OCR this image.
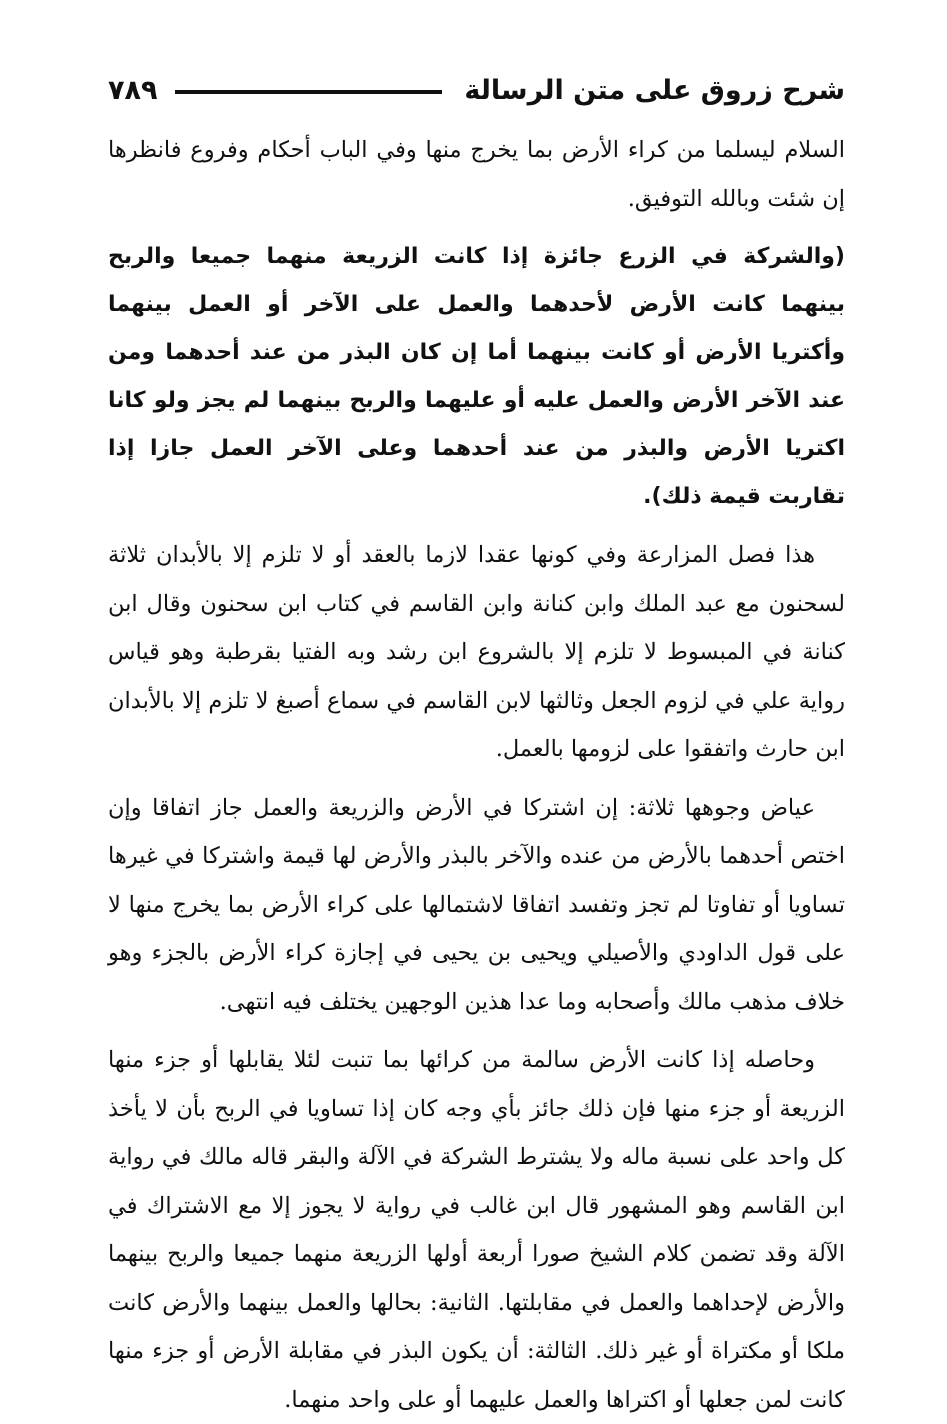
شرح زروق على متن الرسالة
٧٨٩

السلام ليسلما من كراء الأرض بما يخرج منها وفي الباب أحكام وفروع فانظرها إن شئت وبالله التوفيق.

(والشركة في الزرع جائزة إذا كانت الزريعة منهما جميعا والربح بينهما كانت الأرض لأحدهما والعمل على الآخر أو العمل بينهما وأكتريا الأرض أو كانت بينهما أما إن كان البذر من عند أحدهما ومن عند الآخر الأرض والعمل عليه أو عليهما والربح بينهما لم يجز ولو كانا اكتريا الأرض والبذر من عند أحدهما وعلى الآخر العمل جازا إذا تقاربت قيمة ذلك).

هذا فصل المزارعة وفي كونها عقدا لازما بالعقد أو لا تلزم إلا بالأبدان ثلاثة لسحنون مع عبد الملك وابن كنانة وابن القاسم في كتاب ابن سحنون وقال ابن كنانة في المبسوط لا تلزم إلا بالشروع ابن رشد وبه الفتيا بقرطبة وهو قياس رواية علي في لزوم الجعل وثالثها لابن القاسم في سماع أصبغ لا تلزم إلا بالأبدان ابن حارث واتفقوا على لزومها بالعمل.

عياض وجوهها ثلاثة: إن اشتركا في الأرض والزريعة والعمل جاز اتفاقا وإن اختص أحدهما بالأرض من عنده والآخر بالبذر والأرض لها قيمة واشتركا في غيرها تساويا أو تفاوتا لم تجز وتفسد اتفاقا لاشتمالها على كراء الأرض بما يخرج منها لا على قول الداودي والأصيلي ويحيى بن يحيى في إجازة كراء الأرض بالجزء وهو خلاف مذهب مالك وأصحابه وما عدا هذين الوجهين يختلف فيه انتهى.

وحاصله إذا كانت الأرض سالمة من كرائها بما تنبت لئلا يقابلها أو جزء منها الزريعة أو جزء منها فإن ذلك جائز بأي وجه كان إذا تساويا في الربح بأن لا يأخذ كل واحد على نسبة ماله ولا يشترط الشركة في الآلة والبقر قاله مالك في رواية ابن القاسم وهو المشهور قال ابن غالب في رواية لا يجوز إلا مع الاشتراك في الآلة وقد تضمن كلام الشيخ صورا أربعة أولها الزريعة منهما جميعا والربح بينهما والأرض لإحداهما والعمل في مقابلتها. الثانية: بحالها والعمل بينهما والأرض كانت ملكا أو مكتراة أو غير ذلك. الثالثة: أن يكون البذر في مقابلة الأرض أو جزء منها كانت لمن جعلها أو اكتراها والعمل عليهما أو على واحد منهما.
